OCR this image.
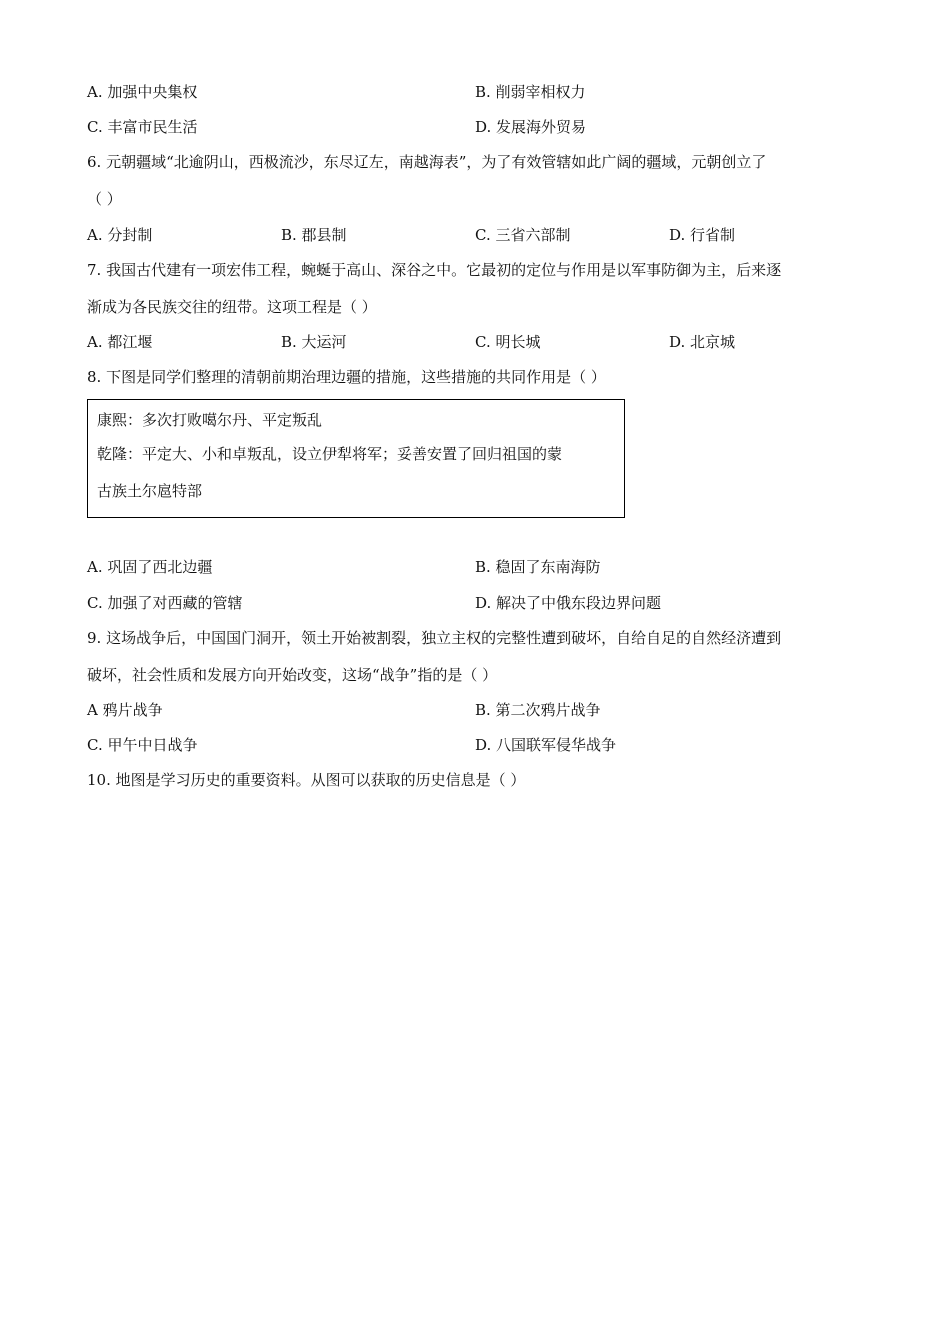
A. 加强中央集权	B. 削弱宰相权力
C. 丰富市民生活	D. 发展海外贸易
6. 元朝疆域“北逾阴山，西极流沙，东尽辽左，南越海表”，为了有效管辖如此广阔的疆域，元朝创立了
（ ）
A. 分封制	B. 郡县制	C. 三省六部制	D. 行省制
7. 我国古代建有一项宏伟工程，蜿蜒于高山、深谷之中。它最初的定位与作用是以军事防御为主，后来逐
渐成为各民族交往的纽带。这项工程是（ ）
A. 都江堰	B. 大运河	C. 明长城	D. 北京城
8. 下图是同学们整理的清朝前期治理边疆的措施，这些措施的共同作用是（ ）
康熙：多次打败噶尔丹、平定叛乱
乾隆：平定大、小和卓叛乱，设立伊犁将军；妥善安置了回归祖国的蒙
古族土尔扈特部
A. 巩固了西北边疆	B. 稳固了东南海防
C. 加强了对西藏的管辖	D. 解决了中俄东段边界问题
9. 这场战争后，中国国门洞开，领土开始被割裂，独立主权的完整性遭到破坏，自给自足的自然经济遭到
破坏，社会性质和发展方向开始改变，这场“战争”指的是（ ）
A 鸦片战争	B. 第二次鸦片战争
C. 甲午中日战争	D. 八国联军侵华战争
10. 地图是学习历史的重要资料。从图可以获取的历史信息是（ ）
